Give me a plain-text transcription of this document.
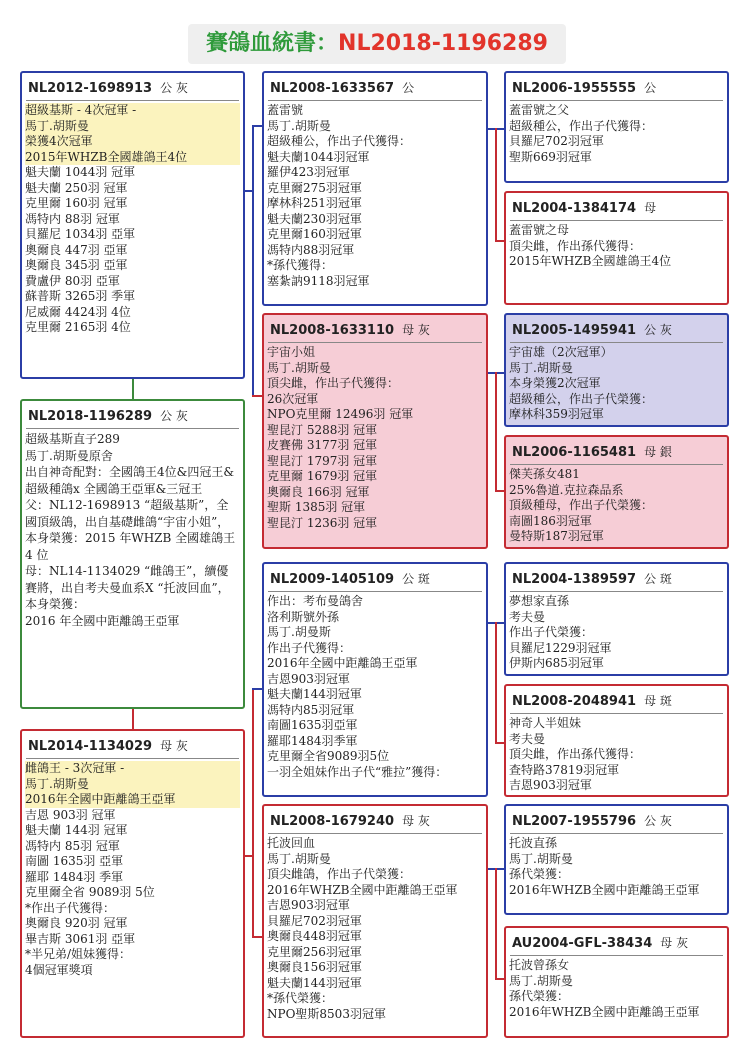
賽鴿血統書：NL2018-1196289
NL2012-1698913 公 灰
超級基斯 - 4次冠軍 -
馬丁.胡斯曼
榮獲4次冠軍
2015年WHZB全國雄鴿王4位
魁夫蘭 1044羽 冠軍
魁夫蘭 250羽 冠軍
克里爾 160羽 冠軍
馮特内 88羽 冠軍
貝羅尼 1034羽 亞軍
奧爾良 447羽 亞軍
奧爾良 345羽 亞軍
費盧伊 80羽 亞軍
蘇普斯 3265羽 季軍
尼威爾 4424羽 4位
克里爾 2165羽 4位
NL2018-1196289 公 灰
超級基斯直子289
馬丁.胡斯曼原舍
出自神奇配對：全國鴿王4位&四冠王&超級種鴿x 全國鴿王亞軍&三冠王
父：NL12-1698913 “超級基斯”，全國頂級鴿，出自基礎雌鴿“宇宙小姐”，本身榮獲：2015 年WHZB 全國雄鴿王4 位
母：NL14-1134029 “雌鴿王”，續優賽將，出自考夫曼血系X “托波回血”，本身榮獲：
2016 年全國中距離鴿王亞軍
NL2014-1134029 母 灰
雌鴿王 - 3次冠軍 -
馬丁.胡斯曼
2016年全國中距離鴿王亞軍
吉恩 903羽 冠軍
魁夫蘭 144羽 冠軍
馮特内 85羽 冠軍
南圖 1635羽 亞軍
羅耶 1484羽 季軍
克里爾全省 9089羽 5位
*作出子代獲得：
奧爾良 920羽 冠軍
畢吉斯 3061羽 亞軍
*半兄弟/姐妹獲得：
4個冠軍獎項
NL2008-1633567 公
蓋雷號
馬丁.胡斯曼
超級種公，作出子代獲得：
魁夫蘭1044羽冠軍
羅伊423羽冠軍
克里爾275羽冠軍
摩林科251羽冠軍
魁夫蘭230羽冠軍
克里爾160羽冠軍
馮特内88羽冠軍
*孫代獲得：
塞紮訥9118羽冠軍
NL2008-1633110 母 灰
宇宙小姐
馬丁.胡斯曼
頂尖雌，作出子代獲得：
26次冠軍
NPO克里爾 12496羽 冠軍
聖昆汀 5288羽 冠軍
皮賽佛 3177羽 冠軍
聖昆汀 1797羽 冠軍
克里爾 1679羽 冠軍
奧爾良 166羽 冠軍
聖斯 1385羽 冠軍
聖昆汀 1236羽 冠軍
NL2009-1405109 公 斑
作出：考布曼鴿舍
洛利斯號外孫
馬丁.胡曼斯
作出子代獲得：
2016年全國中距離鴿王亞軍
吉恩903羽冠軍
魁夫蘭144羽冠軍
馮特内85羽冠軍
南圖1635羽亞軍
羅耶1484羽季軍
克里爾全省9089羽5位
一羽全姐妹作出子代“雅拉”獲得：
NL2008-1679240 母 灰
托波回血
馬丁.胡斯曼
頂尖雌鴿，作出子代榮獲：
2016年WHZB全國中距離鴿王亞軍
吉恩903羽冠軍
貝羅尼702羽冠軍
奧爾良448羽冠軍
克里爾256羽冠軍
奧爾良156羽冠軍
魁夫蘭144羽冠軍
*孫代榮獲：
NPO聖斯8503羽冠軍
NL2006-1955555 公
蓋雷號之父
超級種公，作出子代獲得：
貝羅尼702羽冠軍
聖斯669羽冠軍
NL2004-1384174 母
蓋雷號之母
頂尖雌，作出孫代獲得：
2015年WHZB全國雄鴿王4位
NL2005-1495941 公 灰
宇宙雄（2次冠軍）
馬丁.胡斯曼
本身榮獲2次冠軍
超級種公，作出子代榮獲：
摩林科359羽冠軍
NL2006-1165481 母 銀
傑芙孫女481
25%魯道.克拉森品系
頂級種母，作出子代榮獲：
南圖186羽冠軍
曼特斯187羽冠軍
NL2004-1389597 公 斑
夢想家直孫
考夫曼
作出子代榮獲：
貝羅尼1229羽冠軍
伊斯内685羽冠軍
NL2008-2048941 母 斑
神奇人半姐妹
考夫曼
頂尖雌，作出孫代獲得：
查特路37819羽冠軍
吉恩903羽冠軍
NL2007-1955796 公 灰
托波直孫
馬丁.胡斯曼
孫代榮獲：
2016年WHZB全國中距離鴿王亞軍
AU2004-GFL-38434 母 灰
托波曾孫女
馬丁.胡斯曼
孫代榮獲：
2016年WHZB全國中距離鴿王亞軍
